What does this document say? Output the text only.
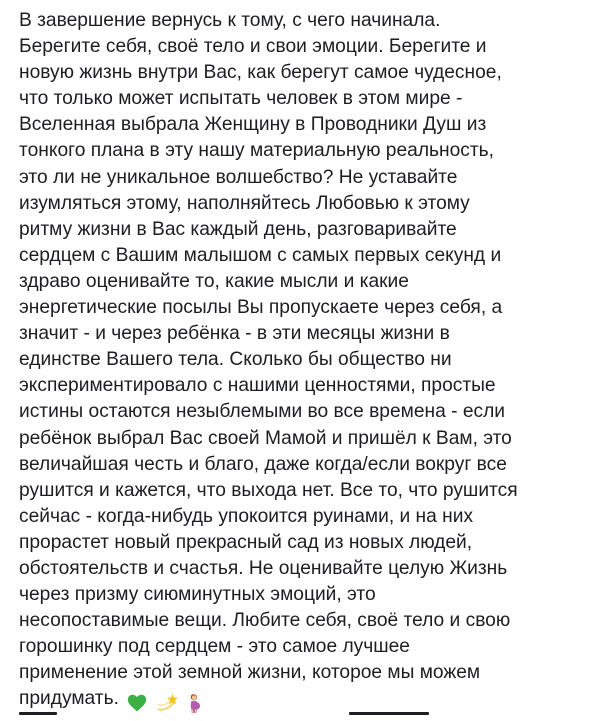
В завершение вернусь к тому, с чего начинала.
Берегите себя, своё тело и свои эмоции. Берегите и
новую жизнь внутри Вас, как берегут самое чудесное,
что только может испытать человек в этом мире -
Вселенная выбрала Женщину в Проводники Душ из
тонкого плана в эту нашу материальную реальность,
это ли не уникальное волшебство? Не уставайте
изумляться этому, наполняйтесь Любовью к этому
ритму жизни в Вас каждый день, разговаривайте
сердцем с Вашим малышом с самых первых секунд и
здраво оценивайте то, какие мысли и какие
энергетические посылы Вы пропускаете через себя, а
значит - и через ребёнка - в эти месяцы жизни в
единстве Вашего тела. Сколько бы общество ни
экспериментировало с нашими ценностями, простые
истины остаются незыблемыми во все времена - если
ребёнок выбрал Вас своей Мамой и пришёл к Вам, это
величайшая честь и благо, даже когда/если вокруг все
рушится и кажется, что выхода нет. Все то, что рушится
сейчас - когда-нибудь упокоится руинами, и на них
прорастет новый прекрасный сад из новых людей,
обстоятельств и счастья. Не оценивайте целую Жизнь
через призму сиюминутных эмоций, это
несопоставимые вещи. Любите себя, своё тело и свою
горошинку под сердцем - это самое лучшее
применение этой земной жизни, которое мы можем
придумать.
